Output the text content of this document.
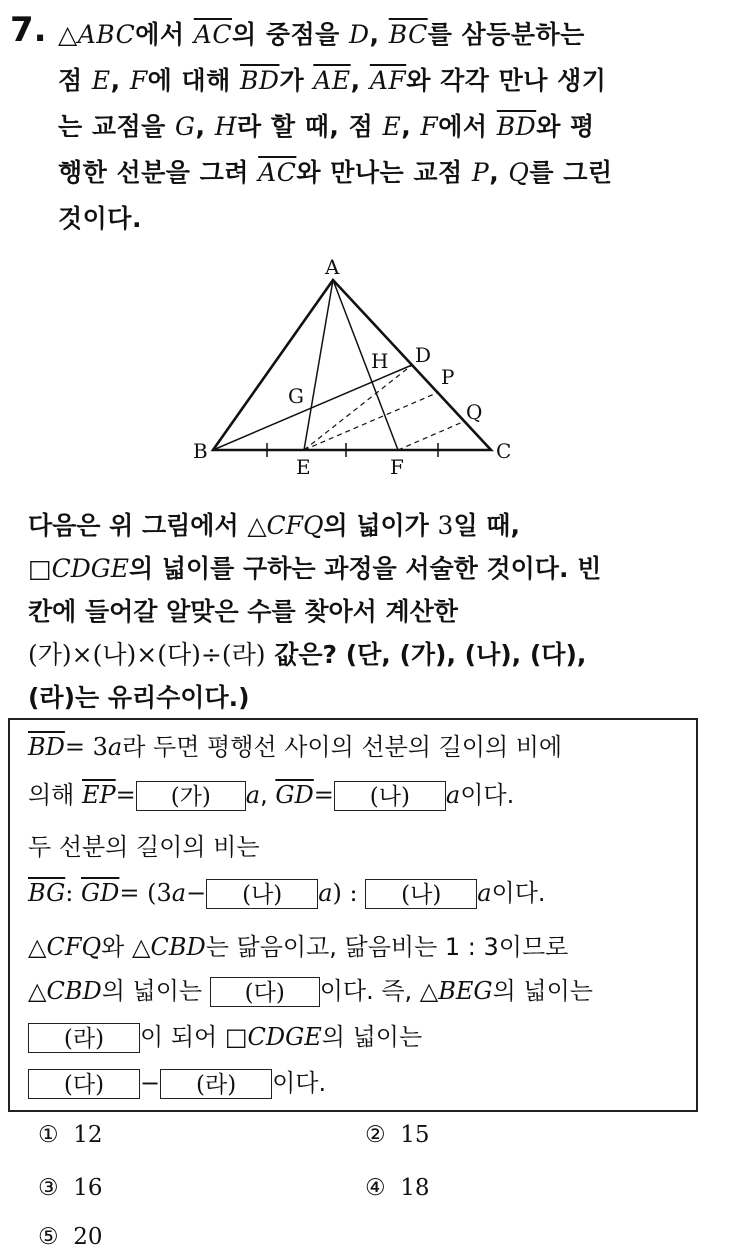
7. △ABC에서 $\overline{AC}$의 중점을 D, $\overline{BC}$를 삼등분하는
점 E, F에 대해 $\overline{BD}$가 $\overline{AE}$, $\overline{AF}$와 각각 만나 생기
는 교점을 G, H라 할 때, 점 E, F에서 $\overline{BD}$와 평
행한 선분을 그려 $\overline{AC}$와 만나는 교점 P, Q를 그린
것이다.
A
B	C
D
E	F
G
H
P
Q
다음은 위 그림에서 △CFQ의 넓이가 3일 때,
□CDGE의 넓이를 구하는 과정을 서술한 것이다. 빈
칸에 들어갈 알맞은 수를 찾아서 계산한
(가)×(나)×(다)÷(라) 값은? (단, (가), (나), (다),
(라)는 유리수이다.)
$\overline{BD}= 3a$라 두면 평행선 사이의 선분의 길이의 비에
의해 $\overline{EP}=$ (가) a, $\overline{GD}=$ (나) a이다.
두 선분의 길이의 비는
$\overline{BG}$: $\overline{GD}= (3a-$ (나) a) : (나) a이다.
△CFQ와 △CBD는 닮음이고, 닮음비는 1 : 3이므로
△CBD의 넓이는 (다) 이다. 즉, △BEG의 넓이는
(라) 이 되어 □CDGE의 넓이는
(다) − (라) 이다.
① 12	② 15
③ 16	④ 18
⑤ 20
